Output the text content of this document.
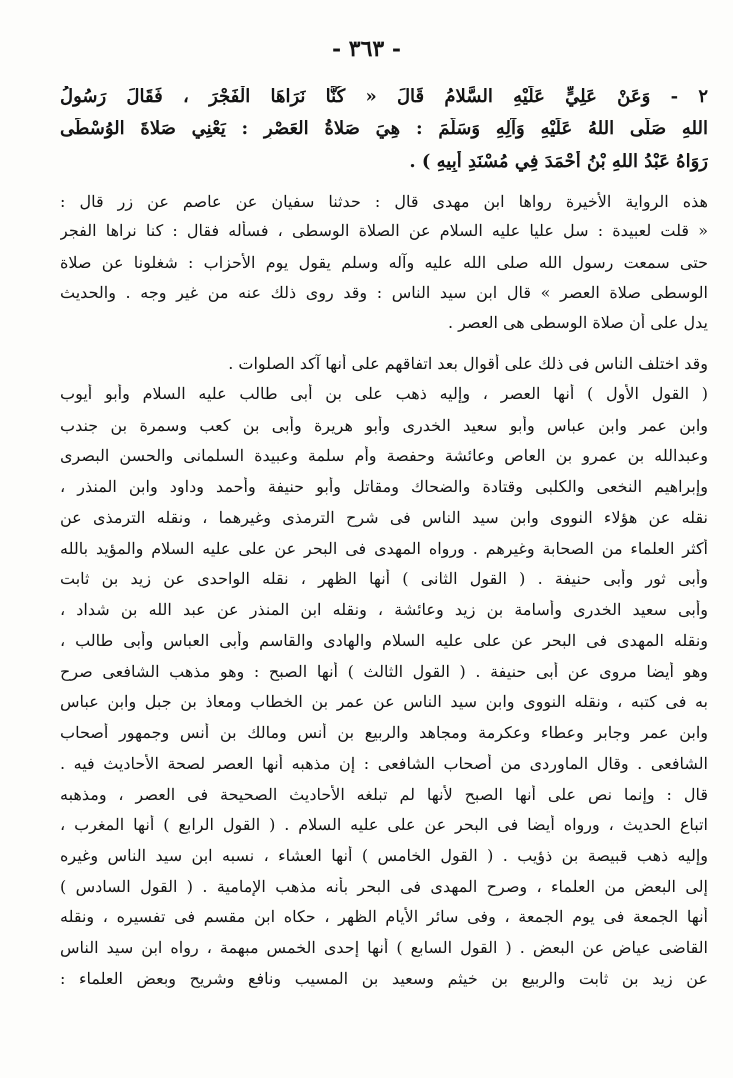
- ٣٦٣ -
٢ - وَعَنْ عَلِيٍّ عَلَيْهِ السَّلامُ قَالَ « كُنَّا نَرَاهَا الْفَجْرَ ، فَقَالَ رَسُولُ
اللهِ صَلَّى اللهُ عَلَيْهِ وَآلِهِ وَسَلَّمَ : هِيَ صَلاةُ العَصْرِ : يَعْنِي صَلاةَ الوُسْطَى
رَوَاهُ عَبْدُ اللهِ بْنُ أَحْمَدَ فِي مُسْنَدِ أَبِيهِ ) .
هذه الرواية الأخيرة رواها ابن مهدى قال : حدثنا سفيان عن عاصم عن زر قال :
« قلت لعبيدة : سل عليا عليه السلام عن الصلاة الوسطى ، فسأله فقال : كنا نراها الفجر
حتى سمعت رسول الله صلى الله عليه وآله وسلم يقول يوم الأحزاب : شغلونا عن صلاة
الوسطى صلاة العصر » قال ابن سيد الناس : وقد روى ذلك عنه من غير وجه . والحديث
يدل على أن صلاة الوسطى هى العصر .
وقد اختلف الناس فى ذلك على أقوال بعد اتفاقهم على أنها آكد الصلوات .
( القول الأول ) أنها العصر ، وإليه ذهب على بن أبى طالب عليه السلام وأبو أيوب
وابن عمر وابن عباس وأبو سعيد الخدرى وأبو هريرة وأبى بن كعب وسمرة بن جندب
وعبدالله بن عمرو بن العاص وعائشة وحفصة وأم سلمة وعبيدة السلمانى والحسن البصرى
وإبراهيم النخعى والكلبى وقتادة والضحاك ومقاتل وأبو حنيفة وأحمد وداود وابن المنذر ،
نقله عن هؤلاء النووى وابن سيد الناس فى شرح الترمذى وغيرهما ، ونقله الترمذى عن
أكثر العلماء من الصحابة وغيرهم . ورواه المهدى فى البحر عن على عليه السلام والمؤيد بالله
وأبى ثور وأبى حنيفة . ( القول الثانى ) أنها الظهر ، نقله الواحدى عن زيد بن ثابت
وأبى سعيد الخدرى وأسامة بن زيد وعائشة ، ونقله ابن المنذر عن عبد الله بن شداد ،
ونقله المهدى فى البحر عن على عليه السلام والهادى والقاسم وأبى العباس وأبى طالب ،
وهو أيضا مروى عن أبى حنيفة . ( القول الثالث ) أنها الصبح : وهو مذهب الشافعى صرح
به فى كتبه ، ونقله النووى وابن سيد الناس عن عمر بن الخطاب ومعاذ بن جبل وابن عباس
وابن عمر وجابر وعطاء وعكرمة ومجاهد والربيع بن أنس ومالك بن أنس وجمهور أصحاب
الشافعى . وقال الماوردى من أصحاب الشافعى : إن مذهبه أنها العصر لصحة الأحاديث فيه .
قال : وإنما نص على أنها الصبح لأنها لم تبلغه الأحاديث الصحيحة فى العصر ، ومذهبه
اتباع الحديث ، ورواه أيضا فى البحر عن على عليه السلام . ( القول الرابع ) أنها المغرب ،
وإليه ذهب قبيصة بن ذؤيب . ( القول الخامس ) أنها العشاء ، نسبه ابن سيد الناس وغيره
إلى البعض من العلماء ، وصرح المهدى فى البحر بأنه مذهب الإمامية . ( القول السادس )
أنها الجمعة فى يوم الجمعة ، وفى سائر الأيام الظهر ، حكاه ابن مقسم فى تفسيره ، ونقله
القاضى عياض عن البعض . ( القول السابع ) أنها إحدى الخمس مبهمة ، رواه ابن سيد الناس
عن زيد بن ثابت والربيع بن خيثم وسعيد بن المسيب ونافع وشريح وبعض العلماء :
